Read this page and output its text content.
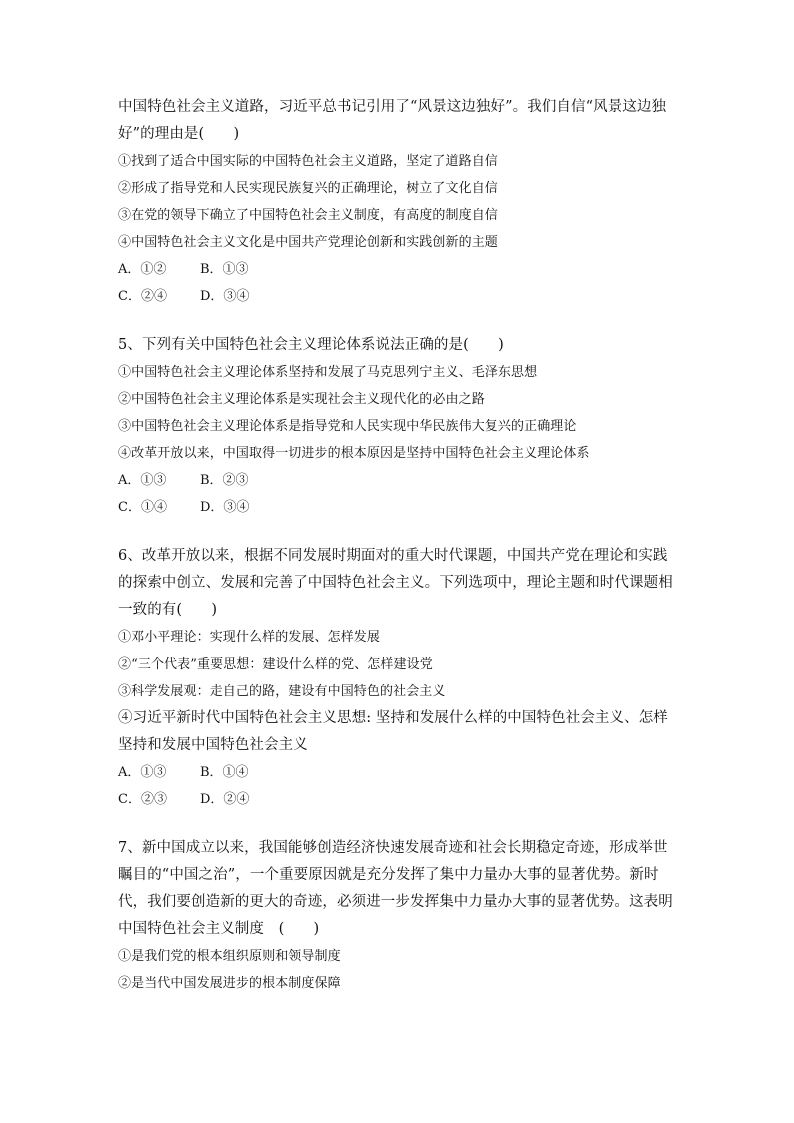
中国特色社会主义道路，习近平总书记引用了“风景这边独好”。我们自信“风景这边独好”的理由是(　　)

①找到了适合中国实际的中国特色社会主义道路，坚定了道路自信

②形成了指导党和人民实现民族复兴的正确理论，树立了文化自信

③在党的领导下确立了中国特色社会主义制度，有高度的制度自信

④中国特色社会主义文化是中国共产党理论创新和实践创新的主题

A．①②	B．①③
C．②④	D．③④

5、下列有关中国特色社会主义理论体系说法正确的是(　　)

①中国特色社会主义理论体系坚持和发展了马克思列宁主义、毛泽东思想

②中国特色社会主义理论体系是实现社会主义现代化的必由之路

③中国特色社会主义理论体系是指导党和人民实现中华民族伟大复兴的正确理论

④改革开放以来，中国取得一切进步的根本原因是坚持中国特色社会主义理论体系

A．①③	B．②③
C．①④	D．③④

6、改革开放以来，根据不同发展时期面对的重大时代课题，中国共产党在理论和实践的探索中创立、发展和完善了中国特色社会主义。下列选项中，理论主题和时代课题相一致的有(　　)

①邓小平理论：实现什么样的发展、怎样发展

②“三个代表”重要思想：建设什么样的党、怎样建设党

③科学发展观：走自己的路，建设有中国特色的社会主义

④习近平新时代中国特色社会主义思想: 坚持和发展什么样的中国特色社会主义、怎样坚持和发展中国特色社会主义

A．①③	B．①④
C．②③	D．②④

7、新中国成立以来，我国能够创造经济快速发展奇迹和社会长期稳定奇迹，形成举世瞩目的“中国之治”，一个重要原因就是充分发挥了集中力量办大事的显著优势。新时代，我们要创造新的更大的奇迹，必须进一步发挥集中力量办大事的显著优势。这表明中国特色社会主义制度　(　　)

①是我们党的根本组织原则和领导制度

②是当代中国发展进步的根本制度保障
